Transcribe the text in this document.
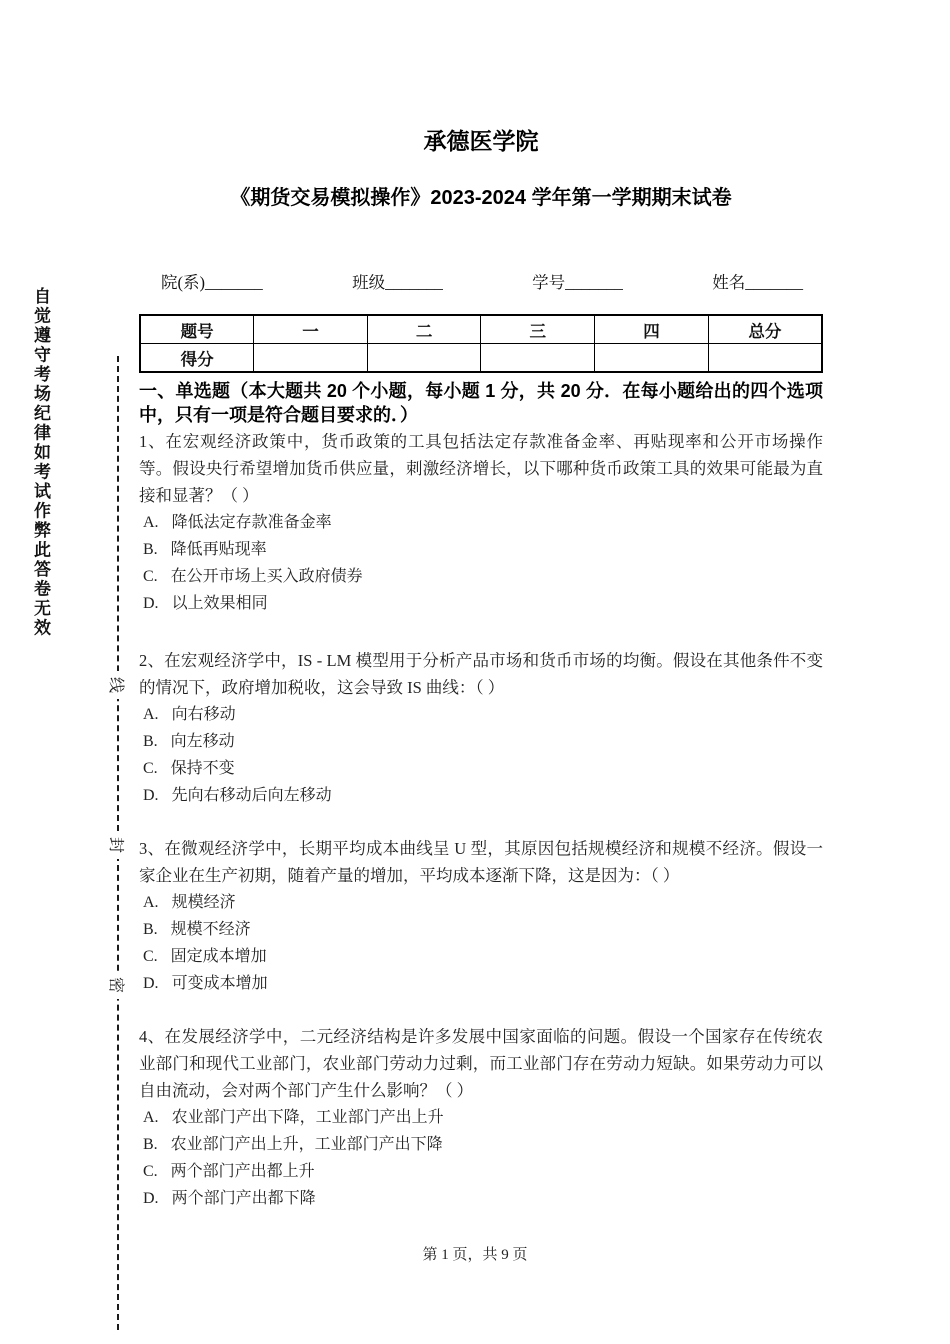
自觉遵守考场纪律如考试作弊此答卷无效
线
封
密
承德医学院
《期货交易模拟操作》2023-2024 学年第一学期期末试卷
院(系)_______	班级_______	学号_______	姓名_______
题号	一	二	三	四	总分
得分					
一、单选题（本大题共 20 个小题，每小题 1 分，共 20 分．在每小题给出的四个选项中，只有一项是符合题目要求的．）
1、在宏观经济政策中，货币政策的工具包括法定存款准备金率、再贴现率和公开市场操作等。假设央行希望增加货币供应量，刺激经济增长，以下哪种货币政策工具的效果可能最为直接和显著？（ ）
A. 降低法定存款准备金率
B. 降低再贴现率
C. 在公开市场上买入政府债券
D. 以上效果相同
2、在宏观经济学中，IS - LM 模型用于分析产品市场和货币市场的均衡。假设在其他条件不变的情况下，政府增加税收，这会导致 IS 曲线：（ ）
A. 向右移动
B. 向左移动
C. 保持不变
D. 先向右移动后向左移动
3、在微观经济学中，长期平均成本曲线呈 U 型，其原因包括规模经济和规模不经济。假设一家企业在生产初期，随着产量的增加，平均成本逐渐下降，这是因为：（ ）
A. 规模经济
B. 规模不经济
C. 固定成本增加
D. 可变成本增加
4、在发展经济学中，二元经济结构是许多发展中国家面临的问题。假设一个国家存在传统农业部门和现代工业部门，农业部门劳动力过剩，而工业部门存在劳动力短缺。如果劳动力可以自由流动，会对两个部门产生什么影响？（ ）
A. 农业部门产出下降，工业部门产出上升
B. 农业部门产出上升，工业部门产出下降
C. 两个部门产出都上升
D. 两个部门产出都下降
第 1 页，共 9 页
